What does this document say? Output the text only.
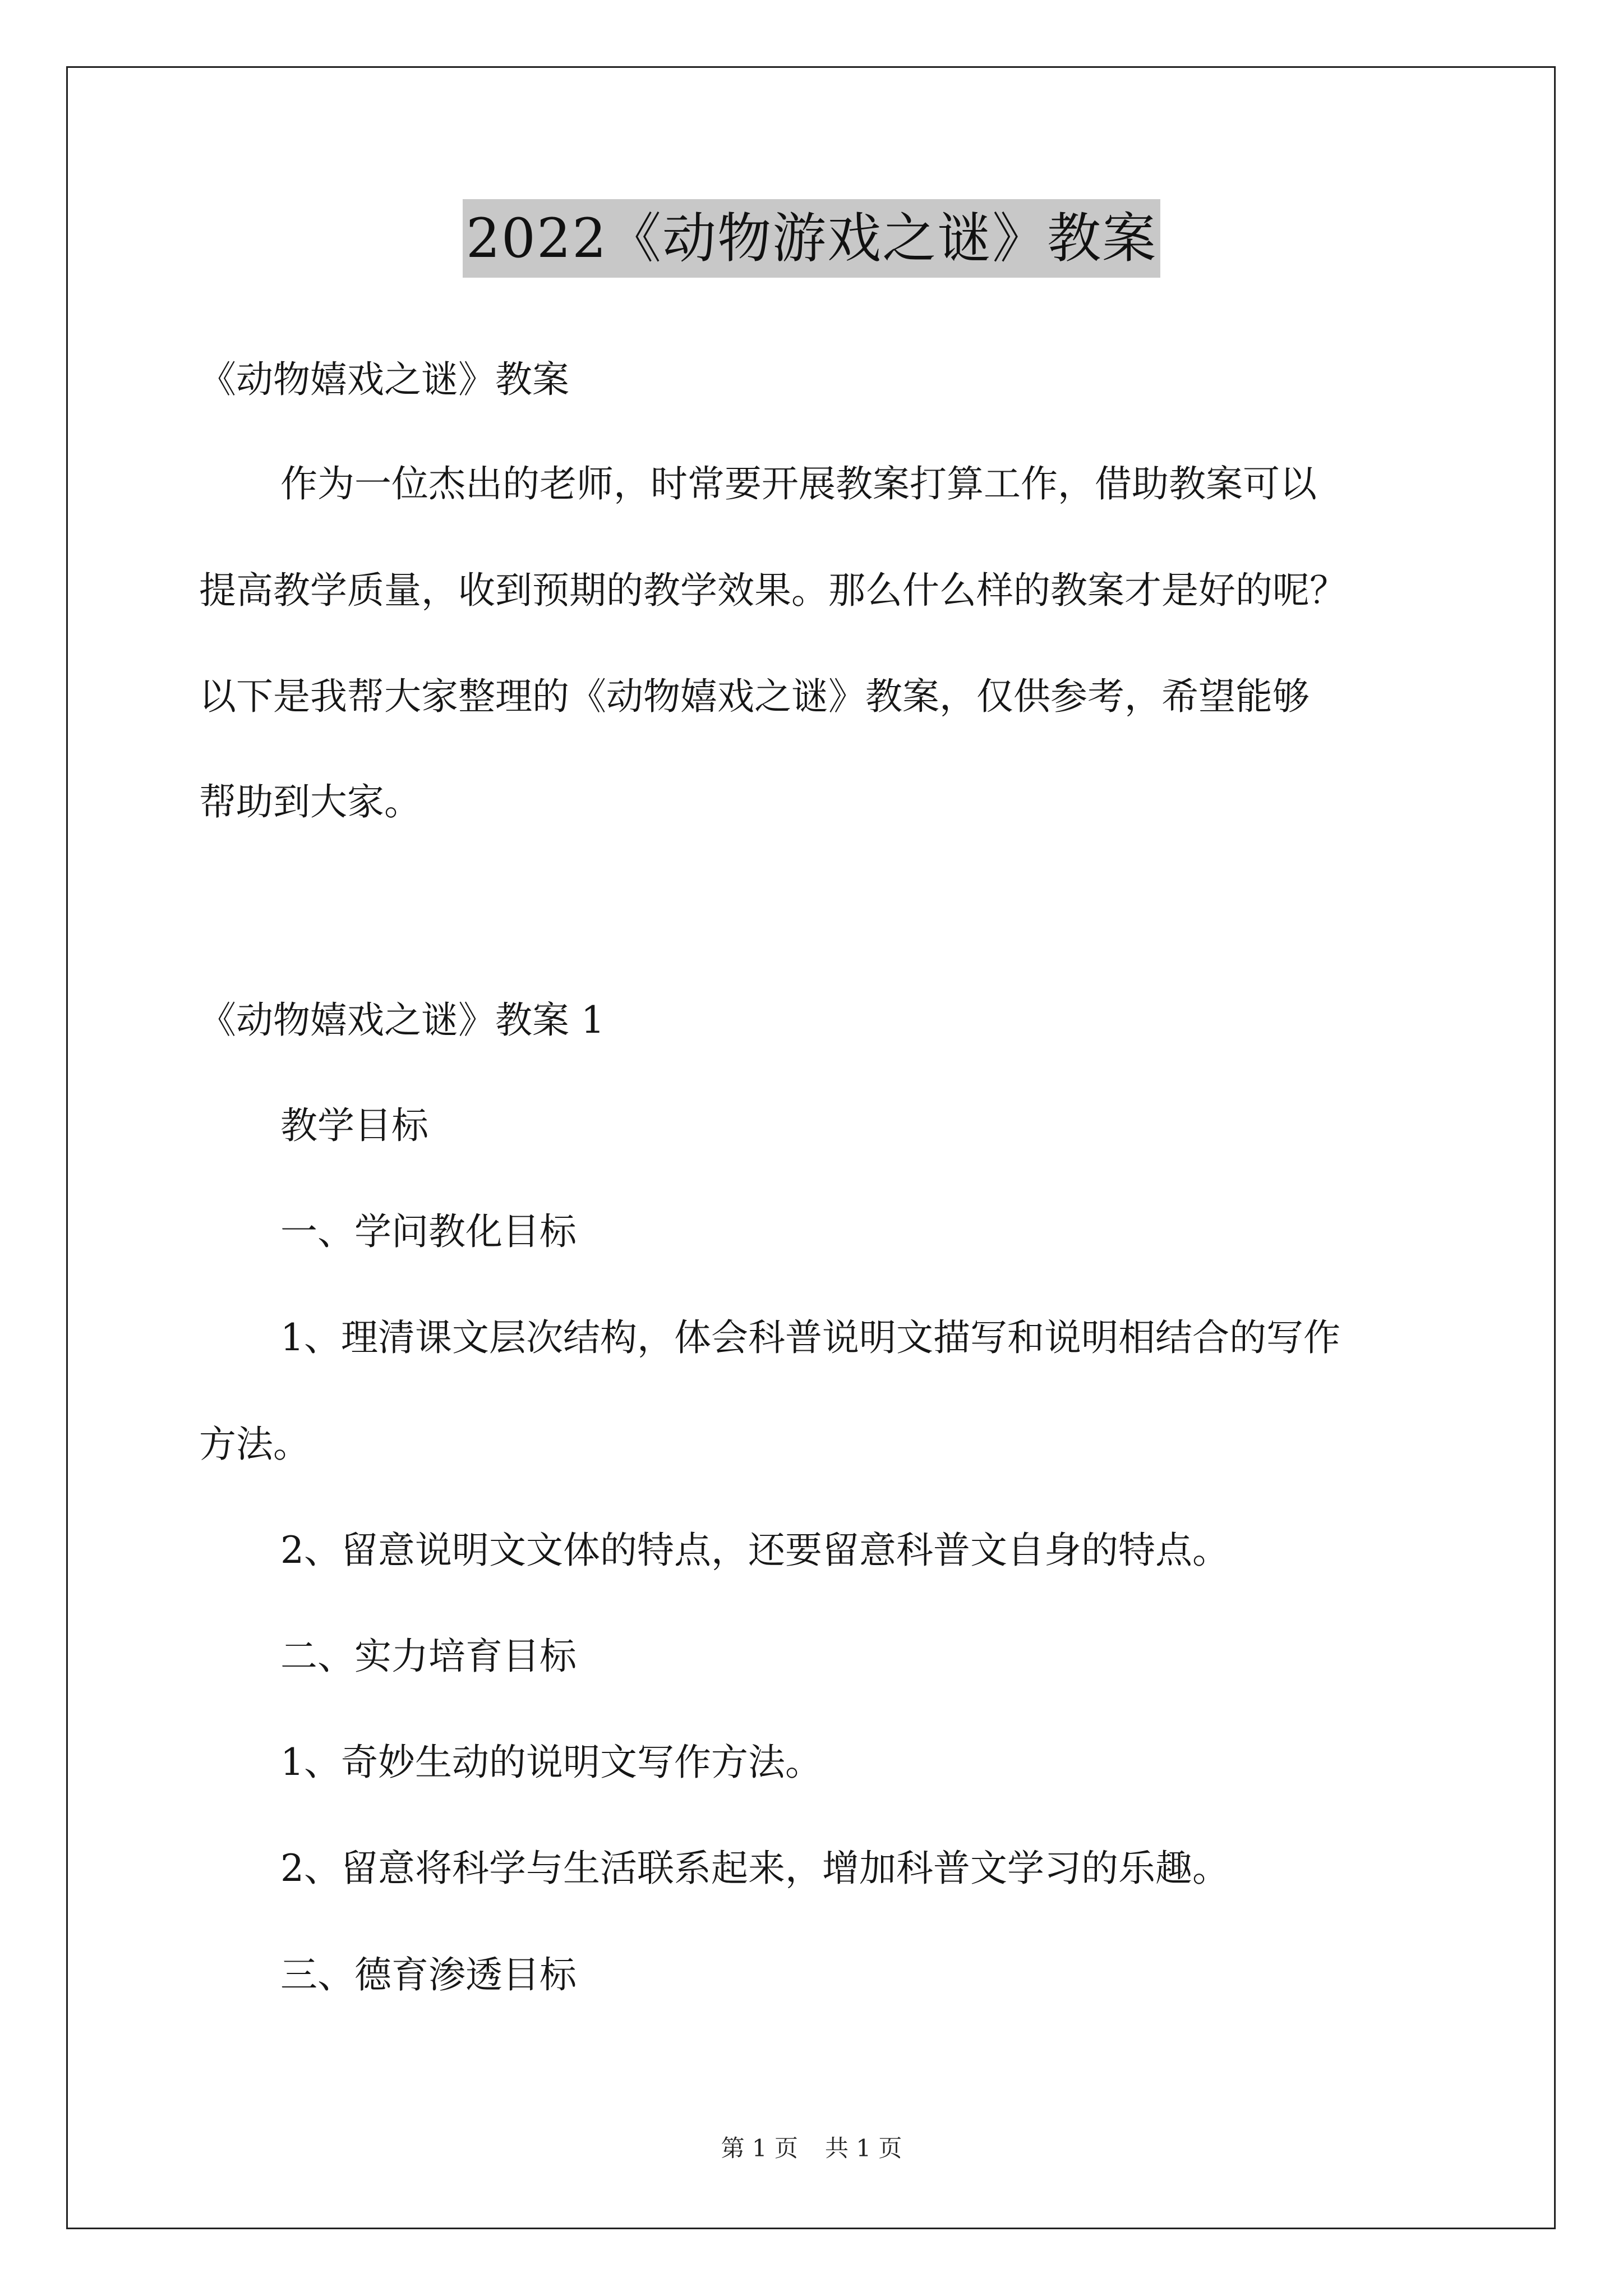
2022《动物游戏之谜》教案
《动物嬉戏之谜》教案
作为一位杰出的老师，时常要开展教案打算工作，借助教案可以
提高教学质量，收到预期的教学效果。那么什么样的教案才是好的呢？
以下是我帮大家整理的《动物嬉戏之谜》教案，仅供参考，希望能够
帮助到大家。
《动物嬉戏之谜》教案 1
教学目标
一、学问教化目标
1、理清课文层次结构，体会科普说明文描写和说明相结合的写作
方法。
2、留意说明文文体的特点，还要留意科普文自身的特点。
二、实力培育目标
1、奇妙生动的说明文写作方法。
2、留意将科学与生活联系起来，增加科普文学习的乐趣。
三、德育渗透目标
第 1 页 共 1 页
